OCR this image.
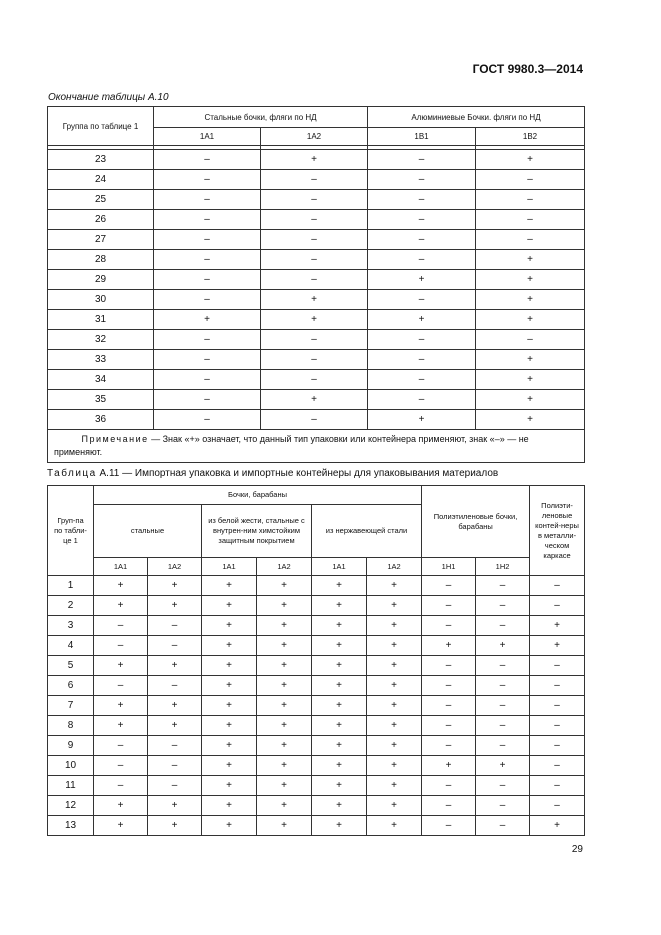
ГОСТ 9980.3—2014
Окончание таблицы А.10
Группа по таблице 1	Стальные бочки, фляги по НД		Алюминиевые Бочки. фляги по НД	
	1А1	1А2	1В1	1В2

23	–	+	–	+
24	–	–	–	–
25	–	–	–	–
26	–	–	–	–
27	–	–	–	–
28	–	–	–	+
29	–	–	+	+
30	–	+	–	+
31	+	+	+	+
32	–	–	–	–
33	–	–	–	+
34	–	–	–	+
35	–	+	–	+
36	–	–	+	+
Примечание — Знак «+» означает, что данный тип упаковки или контейнера применяют, знак «–» — не применяют.				
Таблица А.11 — Импортная упаковка и импортные контейнеры для упаковывания материалов
Груп-па по табли-це 1	Бочки, барабаны						Полиэтиленовые бочки, барабаны		Полиэти-леновые контей-неры в металли-ческом каркасе
	стальные		из белой жести, стальные с внутрен-ним химстойким защитным покрытием		из нержавеющей стали				
	1А1	1А2	1А1	1А2	1А1	1А2	1Н1	1Н2	
1	+	+	+	+	+	+	–	–	–
2	+	+	+	+	+	+	–	–	–
3	–	–	+	+	+	+	–	–	+
4	–	–	+	+	+	+	+	+	+
5	+	+	+	+	+	+	–	–	–
6	–	–	+	+	+	+	–	–	–
7	+	+	+	+	+	+	–	–	–
8	+	+	+	+	+	+	–	–	–
9	–	–	+	+	+	+	–	–	–
10	–	–	+	+	+	+	+	+	–
11	–	–	+	+	+	+	–	–	–
12	+	+	+	+	+	+	–	–	–
13	+	+	+	+	+	+	–	–	+
29
